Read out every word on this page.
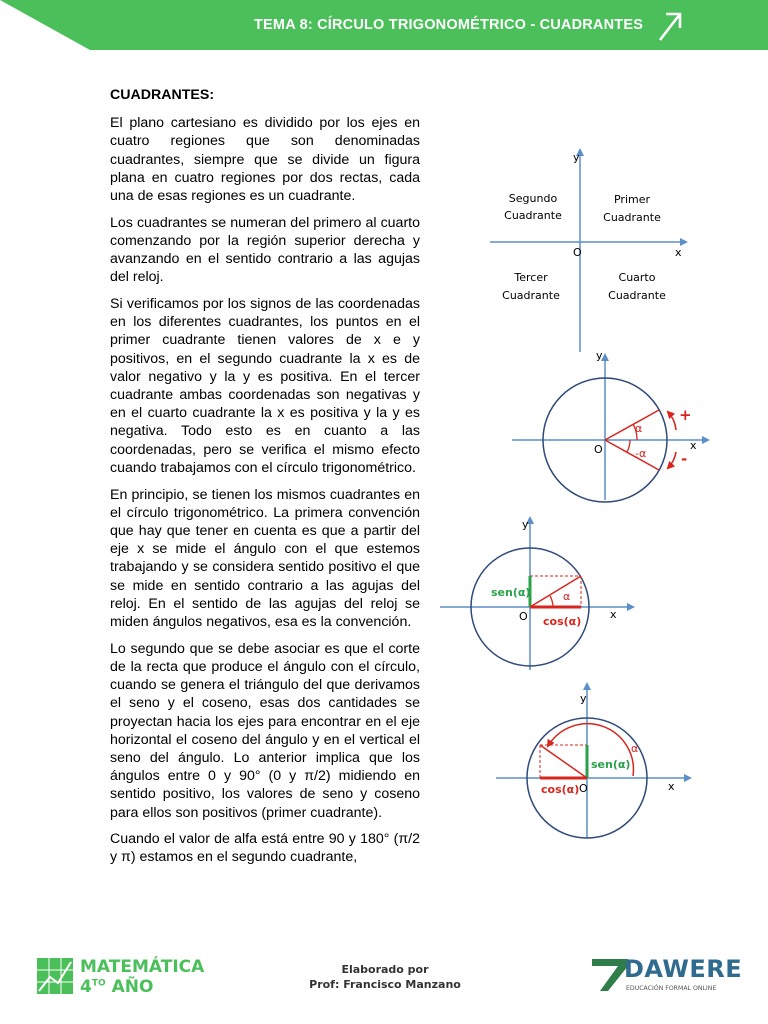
TEMA 8: CÍRCULO TRIGONOMÉTRICO - CUADRANTES
CUADRANTES:

El plano cartesiano es dividido por los ejes en cuatro regiones que son denominadas cuadrantes, siempre que se divide un figura plana en cuatro regiones por dos rectas, cada una de esas regiones es un cuadrante.

Los cuadrantes se numeran del primero al cuarto comenzando por la región superior derecha y avanzando en el sentido contrario a las agujas del reloj.

Si verificamos por los signos de las coordenadas en los diferentes cuadrantes, los puntos en el primer cuadrante tienen valores de x e y positivos, en el segundo cuadrante la x es de valor negativo y la y es positiva. En el tercer cuadrante ambas coordenadas son negativas y en el cuarto cuadrante la x es positiva y la y es negativa. Todo esto es en cuanto a las coordenadas, pero se verifica el mismo efecto cuando trabajamos con el círculo trigonométrico.

En principio, se tienen los mismos cuadrantes en el círculo trigonométrico. La primera convención que hay que tener en cuenta es que a partir del eje x se mide el ángulo con el que estemos trabajando y se considera sentido positivo el que se mide en sentido contrario a las agujas del reloj. En el sentido de las agujas del reloj se miden ángulos negativos, esa es la convención.

Lo segundo que se debe asociar es que el corte de la recta que produce el ángulo con el círculo, cuando se genera el triángulo del que derivamos el seno y el coseno, esas dos cantidades se proyectan hacia los ejes para encontrar en el eje horizontal el coseno del ángulo y en el vertical el seno del ángulo. Lo anterior implica que los ángulos entre 0 y 90° (0 y π/2) midiendo en sentido positivo, los valores de seno y coseno para ellos son positivos (primer cuadrante).

Cuando el valor de alfa está entre 90 y 180° (π/2 y π) estamos en el segundo cuadrante,

y
x
O
Segundo
Cuadrante
Primer
Cuadrante
Tercer
Cuadrante
Cuarto
Cuadrante
y
x
O
α
-α
+
-
y
x
O
α
sen(α)
cos(α)
y
x
O
α
sen(α)
cos(α)
MATEMÁTICA
$4^{TO}$ AÑO
Elaborado por
Prof: Francisco Manzano
DAWERE
EDUCACIÓN FORMAL ONLINE
